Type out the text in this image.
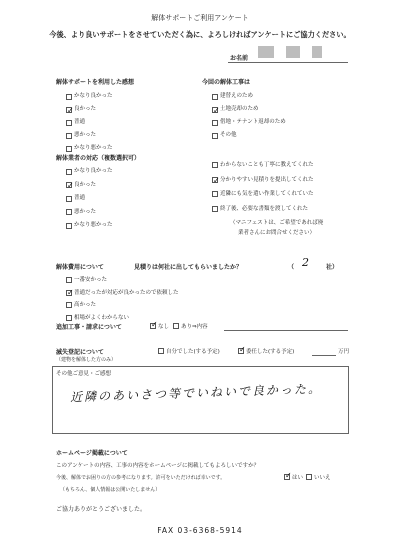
解体サポートご利用アンケート
今後、より良いサポートをさせていただく為に、よろしければアンケートにご協力ください。
お名前
解体サポートを利用した感想
かなり良かった
✓
良かった
普通
悪かった
かなり悪かった
今回の解体工事は
建替えのため
✓
土地売却のため
借地・テナント返却のため
その他
解体業者の対応（複数選択可）
かなり良かった
✓
良かった
普通
悪かった
かなり悪かった
わからないことも丁寧に教えてくれた
✓
分かりやすい見積りを提出してくれた
近隣にも気を遣い作業してくれていた
終了後、必要な書類を渡してくれた
（マニフェストは、ご希望であれば廃
業者さんにお問合せください）
解体費用について	見積りは何社に出してもらいましたか？	（ 2	社）
一番安かった
✓
普通だったが対応が良かったので依頼した
高かった
相場がよくわからない
追加工事・請求について ✓	なし あり⇒内容
滅失登記について
（建物を解体した方のみ）
自分でした(する予定) ✓	委任した(する予定)	万円
その他ご意見・ご感想
近隣のあいさつ等でいねいで良かった。
ホームページ掲載について
このアンケートの内容、工事の内容をホームページに掲載してもよろしいですか？
今後、解体でお困りの方の参考になります。許可をいただければ幸いです。 ✓	はい いいえ
（もちろん、個人情報は公開いたしません）
ご協力ありがとうございました。
FAX 03-6368-5914
